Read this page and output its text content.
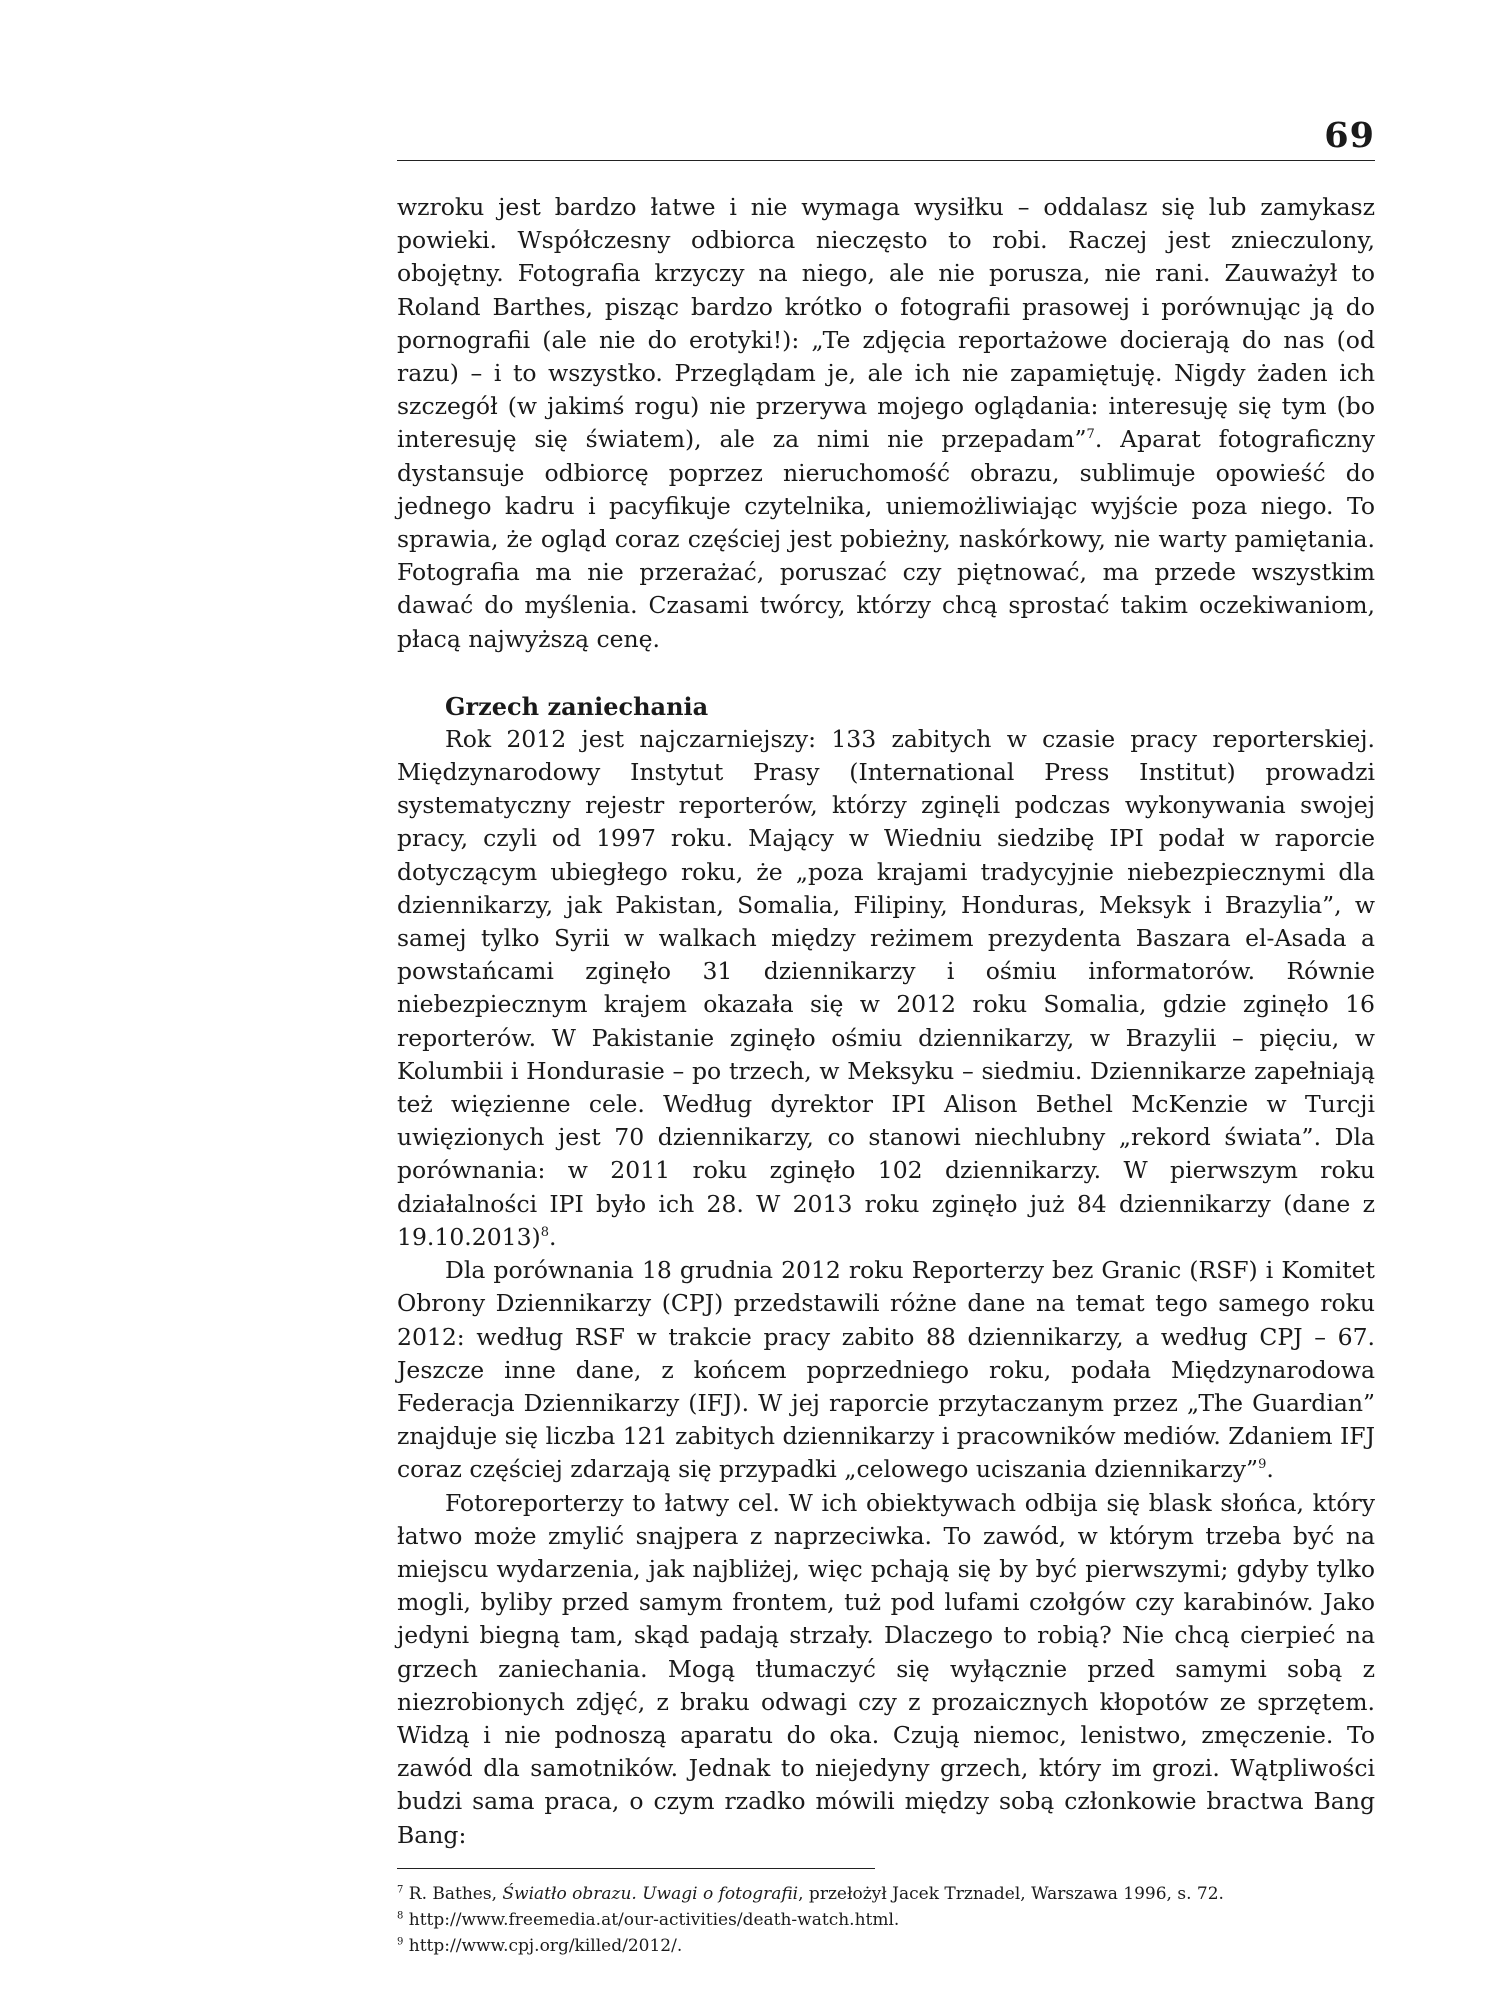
69

wzroku jest bardzo łatwe i nie wymaga wysiłku – oddalasz się lub zamykasz powieki. Współczesny odbiorca nieczęsto to robi. Raczej jest znieczulony, obojętny. Fotografia krzyczy na niego, ale nie porusza, nie rani. Zauważył to Roland Barthes, pisząc bardzo krótko o fotografii prasowej i porównując ją do pornografii (ale nie do erotyki!): „Te zdjęcia reportażowe docierają do nas (od razu) – i to wszystko. Przeglądam je, ale ich nie zapamiętuję. Nigdy żaden ich szczegół (w jakimś rogu) nie przerywa mojego oglądania: interesuję się tym (bo interesuję się światem), ale za nimi nie przepadam”$^7$. Aparat fotograficzny dystansuje odbiorcę poprzez nieruchomość obrazu, sublimuje opowieść do jednego kadru i pacyfikuje czytelnika, uniemożliwiając wyjście poza niego. To sprawia, że ogląd coraz częściej jest pobieżny, naskórkowy, nie warty pamiętania. Fotografia ma nie przerażać, poruszać czy piętnować, ma przede wszystkim dawać do myślenia. Czasami twórcy, którzy chcą sprostać takim oczekiwaniom, płacą najwyższą cenę.

Grzech zaniechania

Rok 2012 jest najczarniejszy: 133 zabitych w czasie pracy reporterskiej. Międzynarodowy Instytut Prasy (International Press Institut) prowadzi systematyczny rejestr reporterów, którzy zginęli podczas wykonywania swojej pracy, czyli od 1997 roku. Mający w Wiedniu siedzibę IPI podał w raporcie dotyczącym ubiegłego roku, że „poza krajami tradycyjnie niebezpiecznymi dla dziennikarzy, jak Pakistan, Somalia, Filipiny, Honduras, Meksyk i Brazylia”, w samej tylko Syrii w walkach między reżimem prezydenta Baszara el-Asada a powstańcami zginęło 31 dziennikarzy i ośmiu informatorów. Równie niebezpiecznym krajem okazała się w 2012 roku Somalia, gdzie zginęło 16 reporterów. W Pakistanie zginęło ośmiu dziennikarzy, w Brazylii – pięciu, w Kolumbii i Hondurasie – po trzech, w Meksyku – siedmiu. Dziennikarze zapełniają też więzienne cele. Według dyrektor IPI Alison Bethel McKenzie w Turcji uwięzionych jest 70 dziennikarzy, co stanowi niechlubny „rekord świata”. Dla porównania: w 2011 roku zginęło 102 dziennikarzy. W pierwszym roku działalności IPI było ich 28. W 2013 roku zginęło już 84 dziennikarzy (dane z 19.10.2013)$^8$.

Dla porównania 18 grudnia 2012 roku Reporterzy bez Granic (RSF) i Komitet Obrony Dziennikarzy (CPJ) przedstawili różne dane na temat tego samego roku 2012: według RSF w trakcie pracy zabito 88 dziennikarzy, a według CPJ – 67. Jeszcze inne dane, z końcem poprzedniego roku, podała Międzynarodowa Federacja Dziennikarzy (IFJ). W jej raporcie przytaczanym przez „The Guardian” znajduje się liczba 121 zabitych dziennikarzy i pracowników mediów. Zdaniem IFJ coraz częściej zdarzają się przypadki „celowego uciszania dziennikarzy”$^9$.

Fotoreporterzy to łatwy cel. W ich obiektywach odbija się blask słońca, który łatwo może zmylić snajpera z naprzeciwka. To zawód, w którym trzeba być na miejscu wydarzenia, jak najbliżej, więc pchają się by być pierwszymi; gdyby tylko mogli, byliby przed samym frontem, tuż pod lufami czołgów czy karabinów. Jako jedyni biegną tam, skąd padają strzały. Dlaczego to robią? Nie chcą cierpieć na grzech zaniechania. Mogą tłumaczyć się wyłącznie przed samymi sobą z niezrobionych zdjęć, z braku odwagi czy z prozaicznych kłopotów ze sprzętem. Widzą i nie podnoszą aparatu do oka. Czują niemoc, lenistwo, zmęczenie. To zawód dla samotników. Jednak to niejedyny grzech, który im grozi. Wątpliwości budzi sama praca, o czym rzadko mówili między sobą członkowie bractwa Bang Bang:

$^7$ R. Bathes, Światło obrazu. Uwagi o fotografii, przełożył Jacek Trznadel, Warszawa 1996, s. 72.

$^8$ http://www.freemedia.at/our-activities/death-watch.html.

$^9$ http://www.cpj.org/killed/2012/.
